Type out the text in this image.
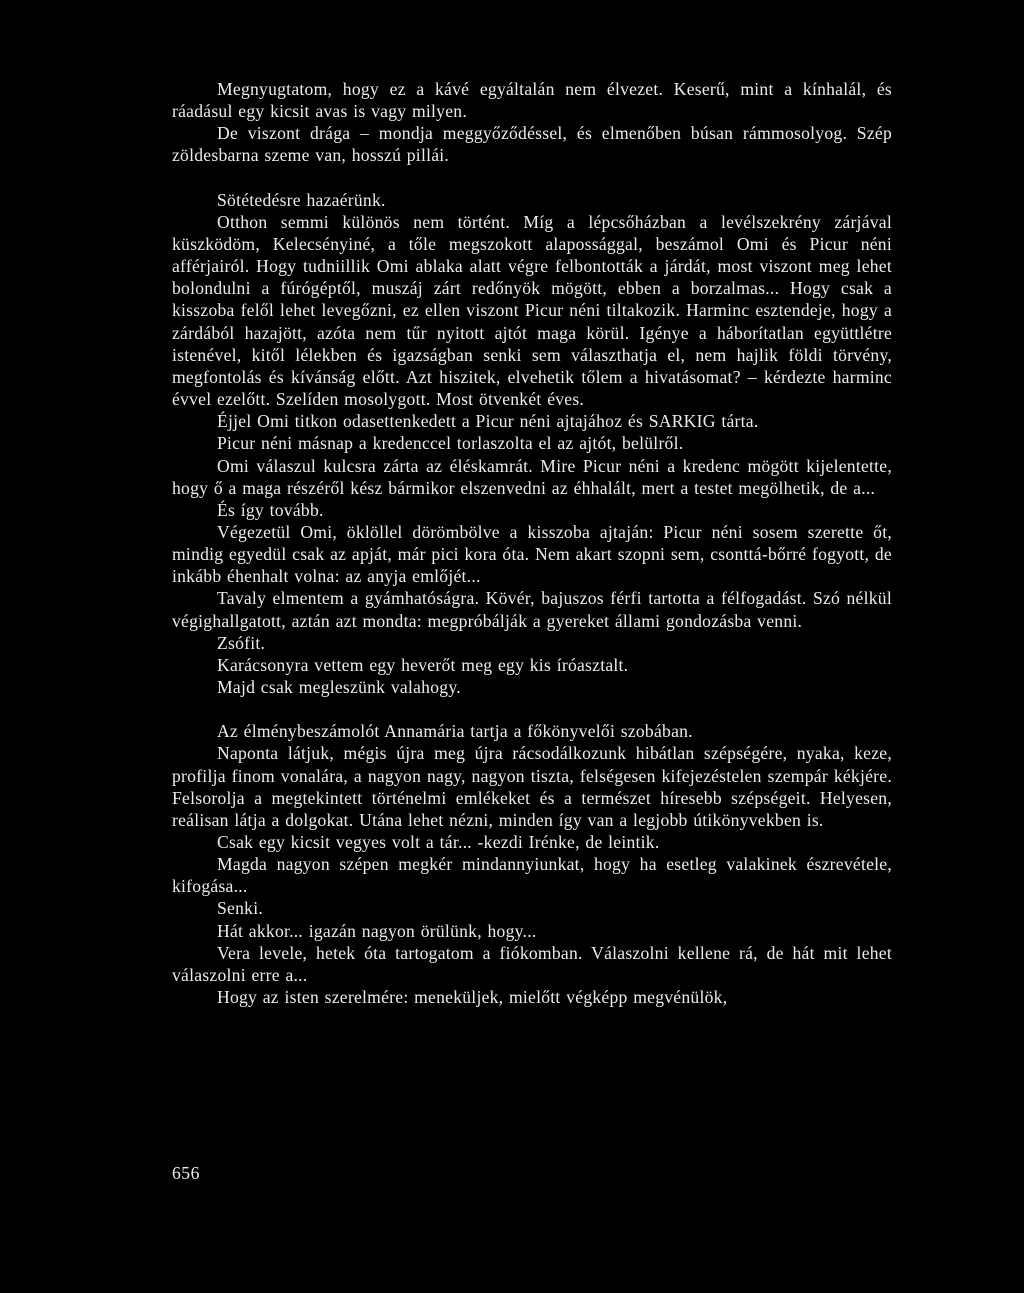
Megnyugtatom, hogy ez a kávé egyáltalán nem élvezet. Keserű, mint a kínhalál, és ráadásul egy kicsit avas is vagy milyen.

De viszont drága – mondja meggyőződéssel, és elmenőben búsan rámmosolyog. Szép zöldesbarna szeme van, hosszú pillái.

Sötétedésre hazaérünk.

Otthon semmi különös nem történt. Míg a lépcsőházban a levélszekrény zárjával küszködöm, Kelecsényiné, a tőle megszokott alapossággal, beszámol Omi és Picur néni afférjairól. Hogy tudniillik Omi ablaka alatt végre felbontották a járdát, most viszont meg lehet bolondulni a fúrógéptől, muszáj zárt redőnyök mögött, ebben a borzalmas... Hogy csak a kisszoba felől lehet levegőzni, ez ellen viszont Picur néni tiltakozik. Harminc esztendeje, hogy a zárdából hazajött, azóta nem tűr nyitott ajtót maga körül. Igénye a háborítatlan együttlétre istenével, kitől lélekben és igazságban senki sem választhatja el, nem hajlik földi törvény, megfontolás és kívánság előtt. Azt hiszitek, elvehetik tőlem a hivatásomat? – kérdezte harminc évvel ezelőtt. Szelíden mosolygott. Most ötvenkét éves.

Éjjel Omi titkon odasettenkedett a Picur néni ajtajához és SARKIG tárta.

Picur néni másnap a kredenccel torlaszolta el az ajtót, belülről.

Omi válaszul kulcsra zárta az éléskamrát. Mire Picur néni a kredenc mögött kijelentette, hogy ő a maga részéről kész bármikor elszenvedni az éhhalált, mert a testet megölhetik, de a...

És így tovább.

Végezetül Omi, öklöllel dörömbölve a kisszoba ajtaján: Picur néni sosem szerette őt, mindig egyedül csak az apját, már pici kora óta. Nem akart szopni sem, csonttá-bőrré fogyott, de inkább éhenhalt volna: az anyja emlőjét...

Tavaly elmentem a gyámhatóságra. Kövér, bajuszos férfi tartotta a félfogadást. Szó nélkül végighallgatott, aztán azt mondta: megpróbálják a gyereket állami gondozásba venni.

Zsófit.

Karácsonyra vettem egy heverőt meg egy kis íróasztalt.

Majd csak megleszünk valahogy.

Az élménybeszámolót Annamária tartja a főkönyvelői szobában.

Naponta látjuk, mégis újra meg újra rácsodálkozunk hibátlan szépségére, nyaka, keze, profilja finom vonalára, a nagyon nagy, nagyon tiszta, felségesen kifejezéstelen szempár kékjére. Felsorolja a megtekintett történelmi emlékeket és a természet híresebb szépségeit. Helyesen, reálisan látja a dolgokat. Utána lehet nézni, minden így van a legjobb útikönyvekben is.

Csak egy kicsit vegyes volt a tár... -kezdi Irénke, de leintik.

Magda nagyon szépen megkér mindannyiunkat, hogy ha esetleg valakinek észrevétele, kifogása...

Senki.

Hát akkor... igazán nagyon örülünk, hogy...

Vera levele, hetek óta tartogatom a fiókomban. Válaszolni kellene rá, de hát mit lehet válaszolni erre a...

Hogy az isten szerelmére: meneküljek, mielőtt végképp megvénülök,

656
